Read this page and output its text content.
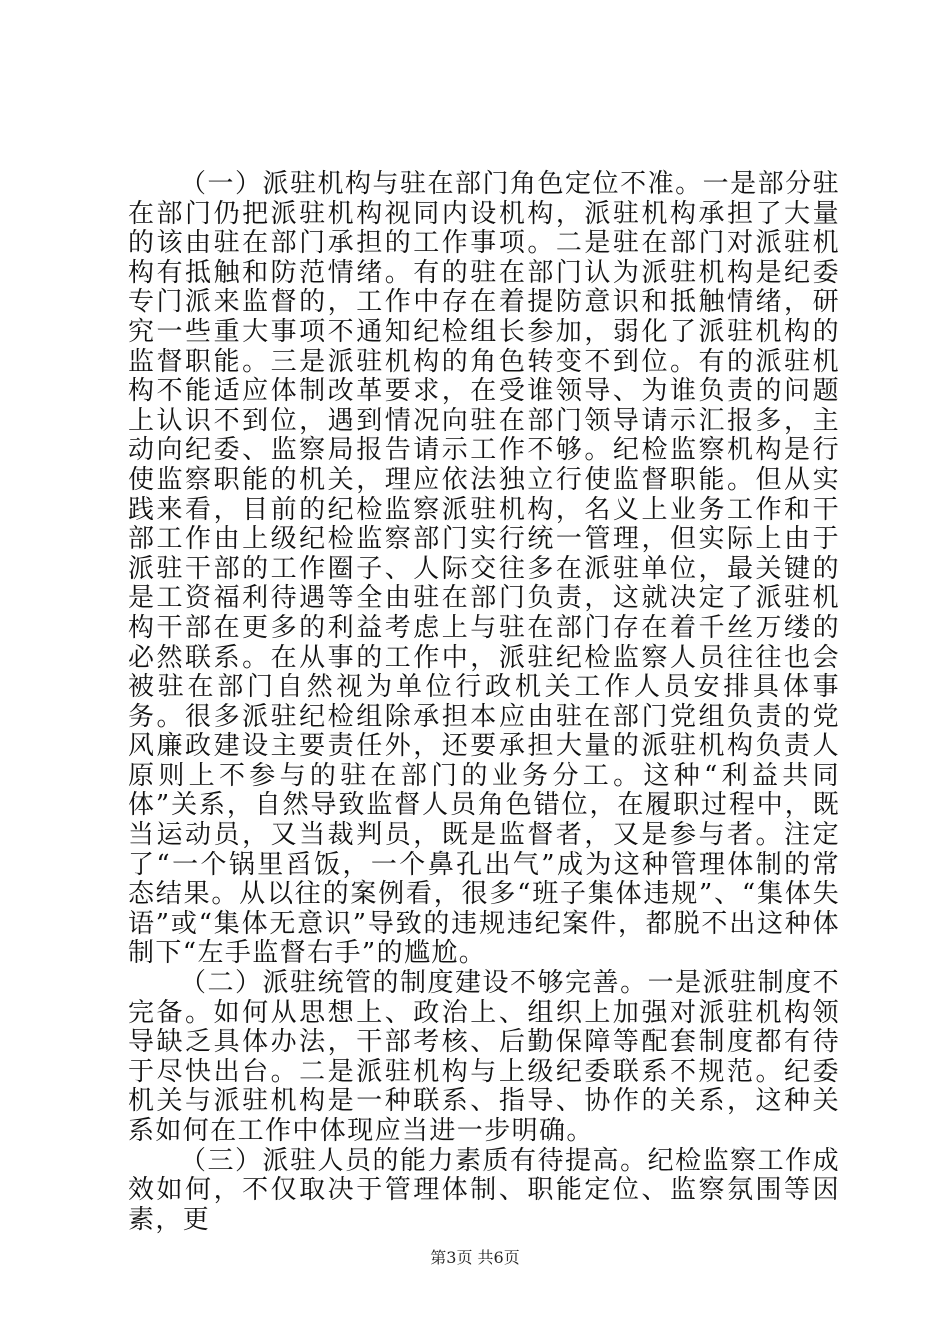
（一）派驻机构与驻在部门角色定位不准。一是部分驻在部门仍把派驻机构视同内设机构，派驻机构承担了大量的该由驻在部门承担的工作事项。二是驻在部门对派驻机构有抵触和防范情绪。有的驻在部门认为派驻机构是纪委专门派来监督的，工作中存在着提防意识和抵触情绪，研究一些重大事项不通知纪检组长参加，弱化了派驻机构的监督职能。三是派驻机构的角色转变不到位。有的派驻机构不能适应体制改革要求，在受谁领导、为谁负责的问题上认识不到位，遇到情况向驻在部门领导请示汇报多，主动向纪委、监察局报告请示工作不够。纪检监察机构是行使监察职能的机关，理应依法独立行使监督职能。但从实践来看，目前的纪检监察派驻机构，名义上业务工作和干部工作由上级纪检监察部门实行统一管理，但实际上由于派驻干部的工作圈子、人际交往多在派驻单位，最关键的是工资福利待遇等全由驻在部门负责，这就决定了派驻机构干部在更多的利益考虑上与驻在部门存在着千丝万缕的必然联系。在从事的工作中，派驻纪检监察人员往往也会被驻在部门自然视为单位行政机关工作人员安排具体事务。很多派驻纪检组除承担本应由驻在部门党组负责的党风廉政建设主要责任外，还要承担大量的派驻机构负责人原则上不参与的驻在部门的业务分工。这种“利益共同体”关系，自然导致监督人员角色错位，在履职过程中，既当运动员，又当裁判员，既是监督者，又是参与者。注定了“一个锅里舀饭，一个鼻孔出气”成为这种管理体制的常态结果。从以往的案例看，很多“班子集体违规”、“集体失语”或“集体无意识”导致的违规违纪案件，都脱不出这种体制下“左手监督右手”的尴尬。

（二）派驻统管的制度建设不够完善。一是派驻制度不完备。如何从思想上、政治上、组织上加强对派驻机构领导缺乏具体办法，干部考核、后勤保障等配套制度都有待于尽快出台。二是派驻机构与上级纪委联系不规范。纪委机关与派驻机构是一种联系、指导、协作的关系，这种关系如何在工作中体现应当进一步明确。

（三）派驻人员的能力素质有待提高。纪检监察工作成效如何，不仅取决于管理体制、职能定位、监察氛围等因素，更

第3页 共6页
